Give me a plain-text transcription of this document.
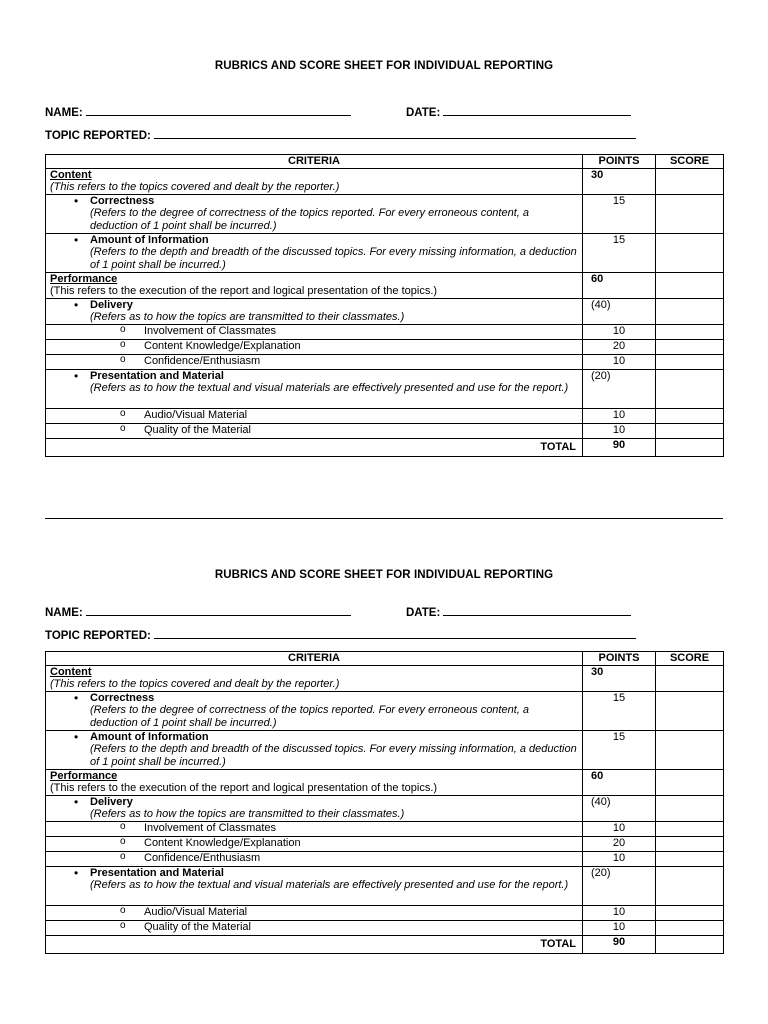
RUBRICS AND SCORE SHEET FOR INDIVIDUAL REPORTING
NAME:	DATE:
TOPIC REPORTED:
CRITERIA	POINTS	SCORE
Content
(This refers to the topics covered and dealt by the reporter.)	30	

• Correctness
(Refers to the degree of correctness of the topics reported. For every erroneous content, a deduction of 1 point shall be incurred.)	15	

• Amount of Information
(Refers to the depth and breadth of the discussed topics. For every missing information, a deduction of 1 point shall be incurred.)	15	
Performance
(This refers to the execution of the report and logical presentation of the topics.)	60	

• Delivery
(Refers as to how the topics are transmitted to their classmates.)	(40)	
o Involvement of Classmates	10	
o Content Knowledge/Explanation	20	
o Confidence/Enthusiasm	10	

• Presentation and Material
(Refers as to how the textual and visual materials are effectively presented and use for the report.)	(20)	
o Audio/Visual Material	10	
o Quality of the Material	10	
TOTAL	90	
RUBRICS AND SCORE SHEET FOR INDIVIDUAL REPORTING
NAME:	DATE:
TOPIC REPORTED:
CRITERIA	POINTS	SCORE
Content
(This refers to the topics covered and dealt by the reporter.)	30	

• Correctness
(Refers to the degree of correctness of the topics reported. For every erroneous content, a deduction of 1 point shall be incurred.)	15	

• Amount of Information
(Refers to the depth and breadth of the discussed topics. For every missing information, a deduction of 1 point shall be incurred.)	15	
Performance
(This refers to the execution of the report and logical presentation of the topics.)	60	

• Delivery
(Refers as to how the topics are transmitted to their classmates.)	(40)	
o Involvement of Classmates	10	
o Content Knowledge/Explanation	20	
o Confidence/Enthusiasm	10	

• Presentation and Material
(Refers as to how the textual and visual materials are effectively presented and use for the report.)	(20)	
o Audio/Visual Material	10	
o Quality of the Material	10	
TOTAL	90	
